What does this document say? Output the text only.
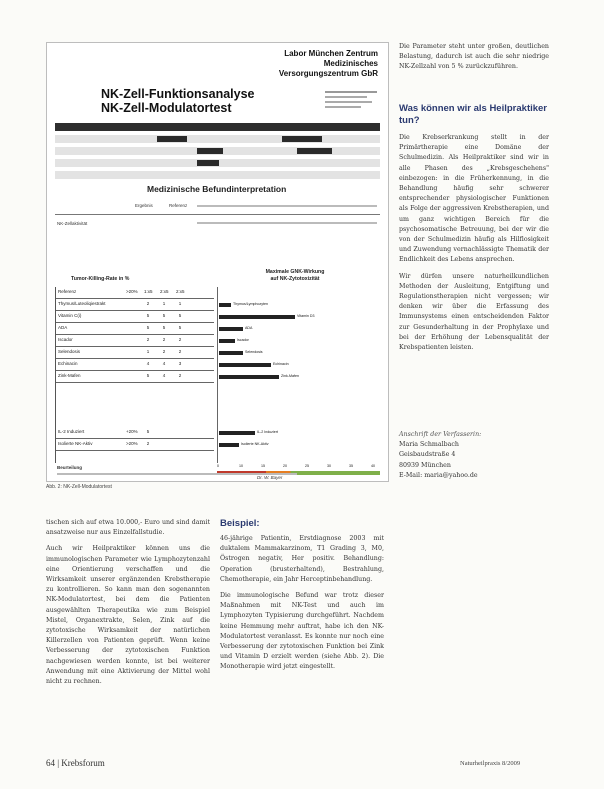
Labor München Zentrum
Medizinisches
Versorgungszentrum GbR
NK-Zell-Funktionsanalyse
NK-Zell-Modulatortest
Medizinische Befundinterpretation
Ergebnis	Referenz
NK-Zellaktivität
Tumor-Killing-Rate in %
Maximale GNK-Wirkung
auf NK-Zytotoxizität
Referenz	>20% 1:x5 2:x5 2:x5
Thymus/Luteoliqiestrakt	2	1	1
Vitamin C(i)	5	5	5
ADA	5	5	5
Iscador	2	2	2
Selendosis	1	2	2
Echinacin	4	4	3
Zink-Mafen	5	4	2
IL-2 Induziert	+20%	5
Isolierte NK-Aktiv	>20%	2
Thymus/Lymphozyten
Vitamin D3
ADA
Iscador
Selendosis
Echinacin
Zink-Mafen
IL-2 Induziert
Isolierte NK-Aktiv
0	10	15	20	25	30	35	40
Beurteilung
Dr. W. Bayer
Abb. 2: NK-Zell-Modulatortest
Die Parameter steht unter großen, deutlichen Belastung, dadurch ist auch die sehr niedrige NK-Zellzahl von 5 % zurückzuführen.
Was können wir als Heilpraktiker tun?

Die Krebserkrankung stellt in der Primärtherapie eine Domäne der Schulmedizin. Als Heilpraktiker sind wir in alle Phasen des „Krebsgeschehens" einbezogen: in die Früherkennung, in die Behandlung häufig sehr schwerer entsprechender physiologischer Funktionen als Folge der aggressiven Krebstherapien, und um ganz wichtigen Bereich für die psychosomatische Betreuung, bei der wir die von der Schulmedizin häufig als Hilflosigkeit und Zuwendung vernachlässigte Thematik der Endlichkeit des Lebens ansprechen.

Wir dürfen unsere naturheilkundlichen Methoden der Ausleitung, Entgiftung und Regulationstherapien nicht vergessen; wir denken wir über die Erfassung des Immunsystems einen entscheidenden Faktor zur Gesunderhaltung in der Prophylaxe und bei der Erhöhung der Lebensqualität der Krebspatienten leisten.

Anschrift der Verfasserin:
Maria Schmalbach
Geisbaudstraße 4
80939 München
E-Mail: maria@yahoo.de

tischen sich auf etwa 10.000,- Euro und sind damit ansatzweise nur aus Einzelfallstudie.

Auch wir Heilpraktiker können uns die immunologischen Parameter wie Lymphozytenzahl eine Orientierung verschaffen und die Wirksamkeit unserer ergänzenden Krebstherapie zu kontrollieren. So kann man den sogenannten NK-Modulatortest, bei dem die Patienten ausgewählten Therapeutika wie zum Beispiel Mistel, Organextrakte, Selen, Zink auf die zytotoxische Wirksamkeit der natürlichen Killerzellen von Patienten geprüft. Wenn keine Verbesserung der zytotoxischen Funktion nachgewiesen werden konnte, ist bei weiterer Anwendung mit eine Aktivierung der Mittel wohl nicht zu rechnen.

Beispiel:

46-jährige Patientin, Erstdiagnose 2003 mit duktalem Mammakarzinom, T1 Grading 3, M0, Östrogen negativ, Her positiv. Behandlung: Operation (brusterhaltend), Bestrahlung, Chemotherapie, ein Jahr Herceptinbehandlung.

Die immunologische Befund war trotz dieser Maßnahmen mit NK-Test und auch im Lymphozyten Typisierung durchgeführt. Nachdem keine Hemmung mehr auftrat, habe ich den NK-Modulatortest veranlasst. Es konnte nur noch eine Verbesserung der zytotoxischen Funktion bei Zink und Vitamin D erzielt werden (siehe Abb. 2). Die Monotherapie wird jetzt eingestellt.

64 | Krebsforum	Naturheilpraxis 8/2009
